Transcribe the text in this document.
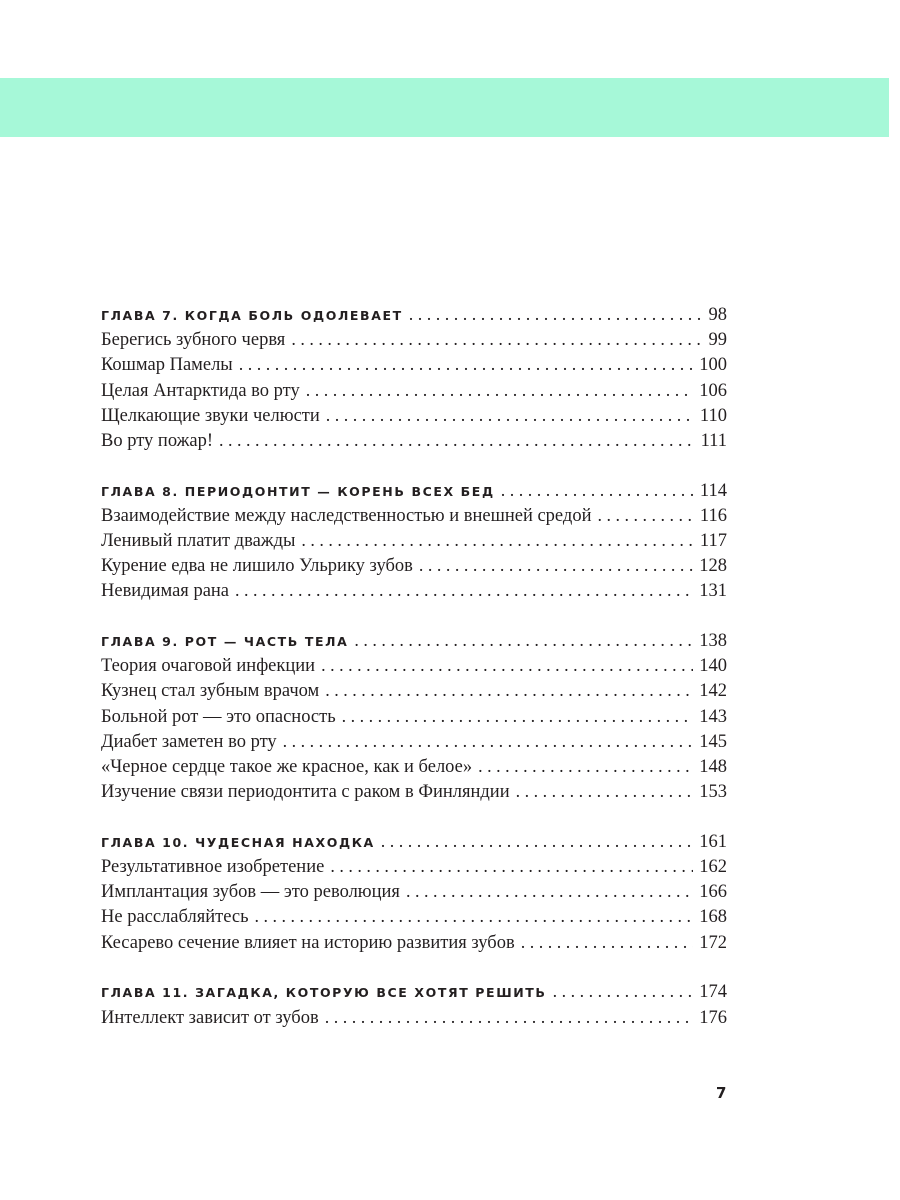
ГЛАВА 7. КОГДА БОЛЬ ОДОЛЕВАЕТ . . .	98
Берегись зубного червя . . .	99
Кошмар Памелы . . .	100
Целая Антарктида во рту . . .	106
Щелкающие звуки челюсти . . .	110
Во рту пожар! . . .	111
ГЛАВА 8. ПЕРИОДОНТИТ — КОРЕНЬ ВСЕХ БЕД . . .	114
Взаимодействие между наследственностью и внешней средой . . .	116
Ленивый платит дважды . . .	117
Курение едва не лишило Ульрику зубов . . .	128
Невидимая рана . . .	131
ГЛАВА 9. РОТ — ЧАСТЬ ТЕЛА . . .	138
Теория очаговой инфекции . . .	140
Кузнец стал зубным врачом . . .	142
Больной рот — это опасность . . .	143
Диабет заметен во рту . . .	145
«Черное сердце такое же красное, как и белое» . . .	148
Изучение связи периодонтита с раком в Финляндии . . .	153
ГЛАВА 10. ЧУДЕСНАЯ НАХОДКА . . .	161
Результативное изобретение . . .	162
Имплантация зубов — это революция . . .	166
Не расслабляйтесь . . .	168
Кесарево сечение влияет на историю развития зубов . . .	172
ГЛАВА 11. ЗАГАДКА, КОТОРУЮ ВСЕ ХОТЯТ РЕШИТЬ . . .	174
Интеллект зависит от зубов . . .	176
7
